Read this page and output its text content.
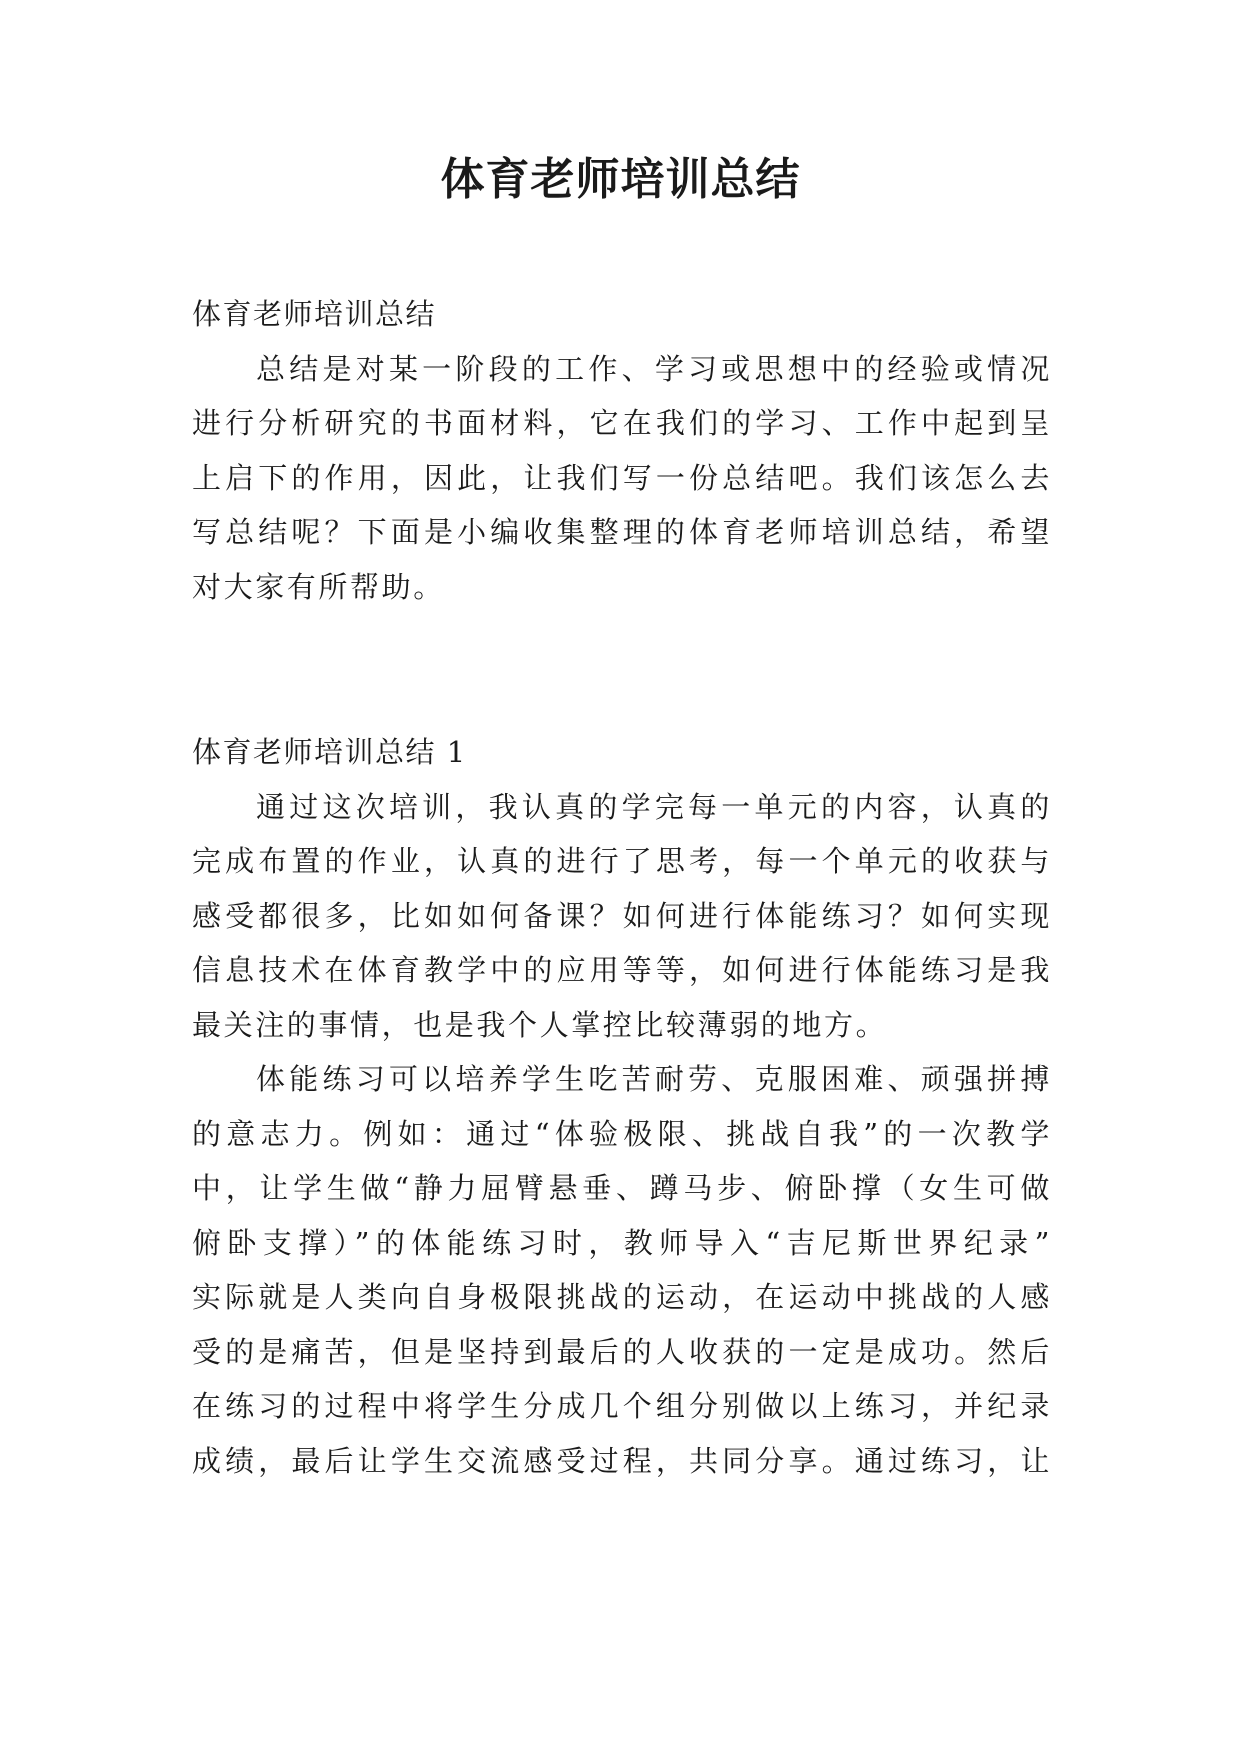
体育老师培训总结
体育老师培训总结
总结是对某一阶段的工作、学习或思想中的经验或情况
进行分析研究的书面材料，它在我们的学习、工作中起到呈
上启下的作用，因此，让我们写一份总结吧。我们该怎么去
写总结呢？下面是小编收集整理的体育老师培训总结，希望
对大家有所帮助。
体育老师培训总结 1
通过这次培训，我认真的学完每一单元的内容，认真的
完成布置的作业，认真的进行了思考，每一个单元的收获与
感受都很多，比如如何备课？如何进行体能练习？如何实现
信息技术在体育教学中的应用等等，如何进行体能练习是我
最关注的事情，也是我个人掌控比较薄弱的地方。
体能练习可以培养学生吃苦耐劳、克服困难、顽强拼搏
的意志力。例如：通过“体验极限、挑战自我”的一次教学
中，让学生做“静力屈臂悬垂、蹲马步、俯卧撑（女生可做
俯卧支撑）”的体能练习时，教师导入“吉尼斯世界纪录”
实际就是人类向自身极限挑战的运动，在运动中挑战的人感
受的是痛苦，但是坚持到最后的人收获的一定是成功。然后
在练习的过程中将学生分成几个组分别做以上练习，并纪录
成绩，最后让学生交流感受过程，共同分享。通过练习，让
